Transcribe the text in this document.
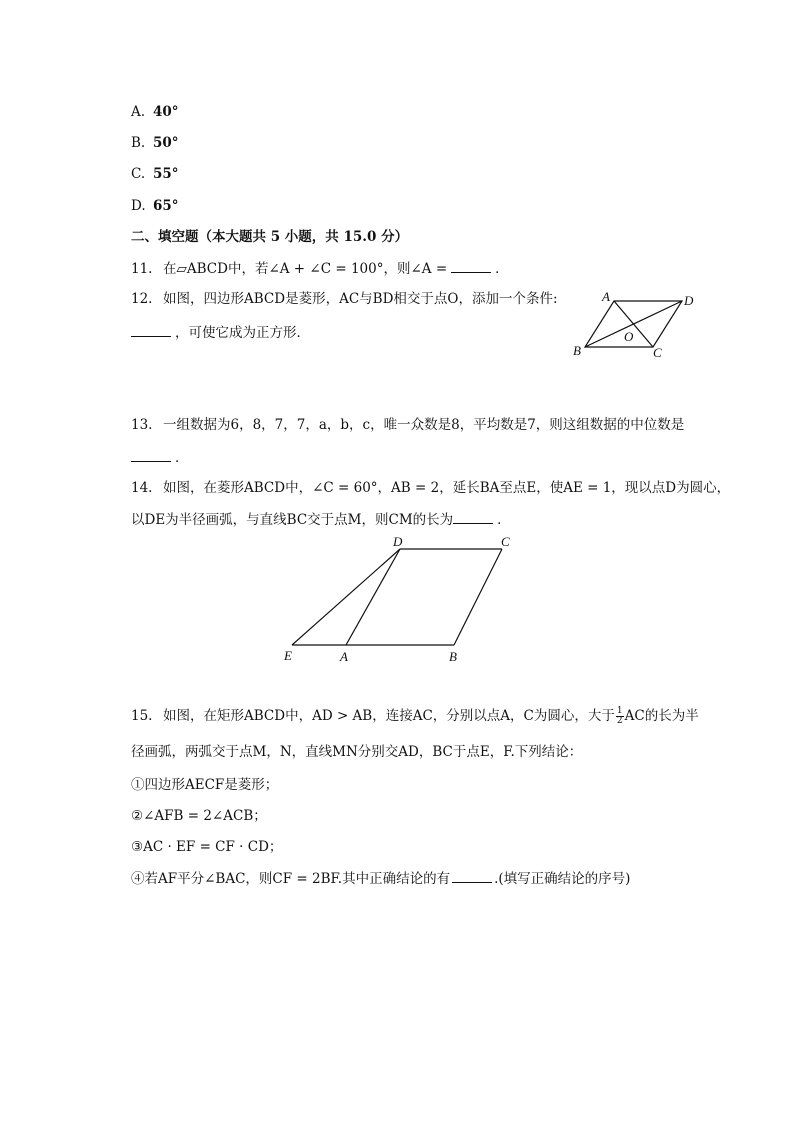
A. 40°
B. 50°
C. 55°
D. 65°
二、填空题（本大题共 5 小题，共 15.0 分）
11. 在▱ABCD中，若∠A + ∠C = 100°，则∠A =	．
12. 如图，四边形ABCD是菱形，AC与BD相交于点O，添加一个条件:
，可使它成为正方形．
A	D
B	C
O
13. 一组数据为6，8，7，7，a，b，c，唯一众数是8，平均数是7，则这组数据的中位数是
．
14. 如图，在菱形ABCD中，∠C = 60°，AB = 2，延长BA至点E，使AE = 1，现以点D为圆心，
以DE为半径画弧，与直线BC交于点M，则CM的长为	．
D	C
E	A	B
15. 如图，在矩形ABCD中，AD > AB，连接AC，分别以点A，C为圆心，大于 $\frac{1}{2}$ AC的长为半
径画弧，两弧交于点M，N，直线MN分别交AD，BC于点E，F.下列结论：
①四边形AECF是菱形；
②∠AFB = 2∠ACB；
③AC · EF = CF · CD；
④若AF平分∠BAC，则CF = 2BF.其中正确结论的有	.(填写正确结论的序号)
